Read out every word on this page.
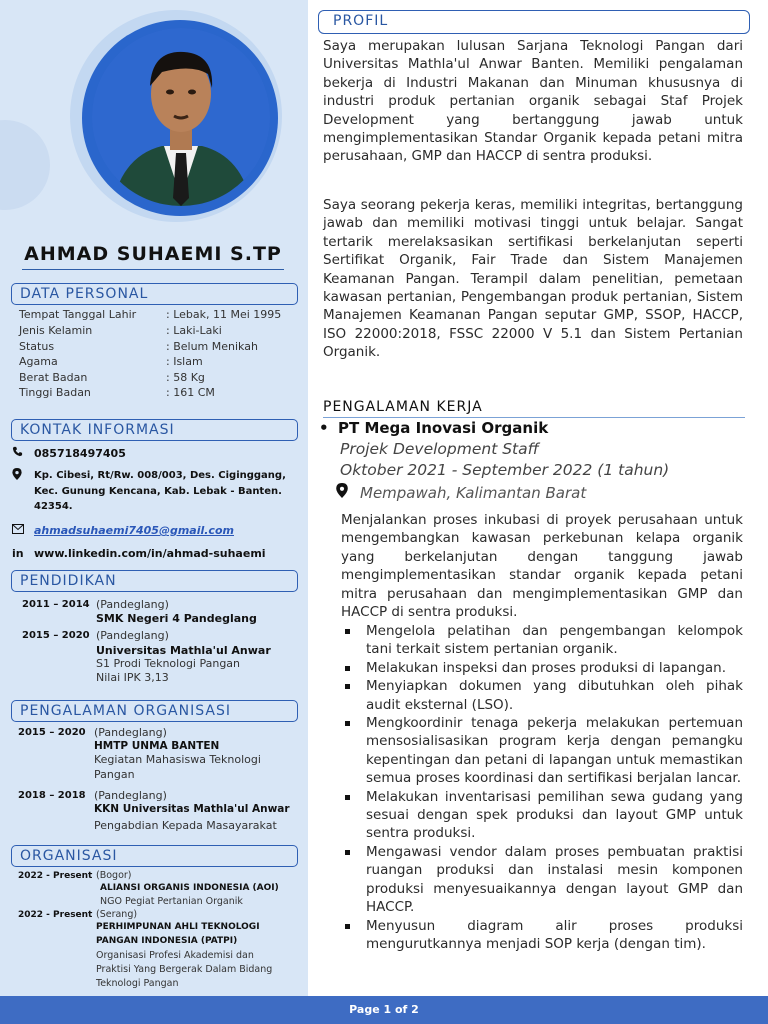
AHMAD SUHAEMI S.TP
DATA PERSONAL
Tempat Tanggal Lahir	: Lebak, 11 Mei 1995
Jenis Kelamin	: Laki-Laki
Status	: Belum Menikah
Agama	: Islam
Berat Badan	: 58 Kg
Tinggi Badan	: 161 CM
KONTAK INFORMASI
085718497405
Kp. Cibesi, Rt/Rw. 008/003, Des. Ciginggang, Kec. Gunung Kencana, Kab. Lebak - Banten. 42354.
ahmadsuhaemi7405@gmail.com
in www.linkedin.com/in/ahmad-suhaemi
PENDIDIKAN
2011 – 2014 (Pandeglang)
SMK Negeri 4 Pandeglang
2015 – 2020 (Pandeglang)
Universitas Mathla'ul Anwar
S1 Prodi Teknologi Pangan
Nilai IPK 3,13
PENGALAMAN ORGANISASI
2015 – 2020 (Pandeglang)
HMTP UNMA BANTEN
Kegiatan Mahasiswa Teknologi
Pangan
2018 – 2018 (Pandeglang)
KKN Universitas Mathla'ul Anwar
Pengabdian Kepada Masayarakat
ORGANISASI
2022 - Present (Bogor)
ALIANSI ORGANIS INDONESIA (AOI)
NGO Pegiat Pertanian Organik
2022 - Present (Serang)
PERHIMPUNAN AHLI TEKNOLOGI
PANGAN INDONESIA (PATPI)
Organisasi Profesi Akademisi dan
Praktisi Yang Bergerak Dalam Bidang
Teknologi Pangan
PROFIL
Saya merupakan lulusan Sarjana Teknologi Pangan dari Universitas Mathla'ul Anwar Banten. Memiliki pengalaman bekerja di Industri Makanan dan Minuman khususnya di industri produk pertanian organik sebagai Staf Projek Development yang bertanggung jawab untuk mengimplementasikan Standar Organik kepada petani mitra perusahaan, GMP dan HACCP di sentra produksi.
Saya seorang pekerja keras, memiliki integritas, bertanggung jawab dan memiliki motivasi tinggi untuk belajar. Sangat tertarik merelaksasikan sertifikasi berkelanjutan seperti Sertifikat Organik, Fair Trade dan Sistem Manajemen Keamanan Pangan. Terampil dalam penelitian, pemetaan kawasan pertanian, Pengembangan produk pertanian, Sistem Manajemen Keamanan Pangan seputar GMP, SSOP, HACCP, ISO 22000:2018, FSSC 22000 V 5.1 dan Sistem Pertanian Organik.
PENGALAMAN KERJA
• PT Mega Inovasi Organik
Projek Development Staff
Oktober 2021 - September 2022 (1 tahun)
Mempawah, Kalimantan Barat
Menjalankan proses inkubasi di proyek perusahaan untuk mengembangkan kawasan perkebunan kelapa organik yang berkelanjutan dengan tanggung jawab mengimplementasikan standar organik kepada petani mitra perusahaan dan mengimplementasikan GMP dan HACCP di sentra produksi.
Mengelola pelatihan dan pengembangan kelompok tani terkait sistem pertanian organik.
Melakukan inspeksi dan proses produksi di lapangan.
Menyiapkan dokumen yang dibutuhkan oleh pihak audit eksternal (LSO).
Mengkoordinir tenaga pekerja melakukan pertemuan mensosialisasikan program kerja dengan pemangku kepentingan dan petani di lapangan untuk memastikan semua proses koordinasi dan sertifikasi berjalan lancar.
Melakukan inventarisasi pemilihan sewa gudang yang sesuai dengan spek produksi dan layout GMP untuk sentra produksi.
Mengawasi vendor dalam proses pembuatan praktisi ruangan produksi dan instalasi mesin komponen produksi menyesuaikannya dengan layout GMP dan HACCP.
Menyusun diagram alir proses produksi mengurutkannya menjadi SOP kerja (dengan tim).
Page 1 of 2
